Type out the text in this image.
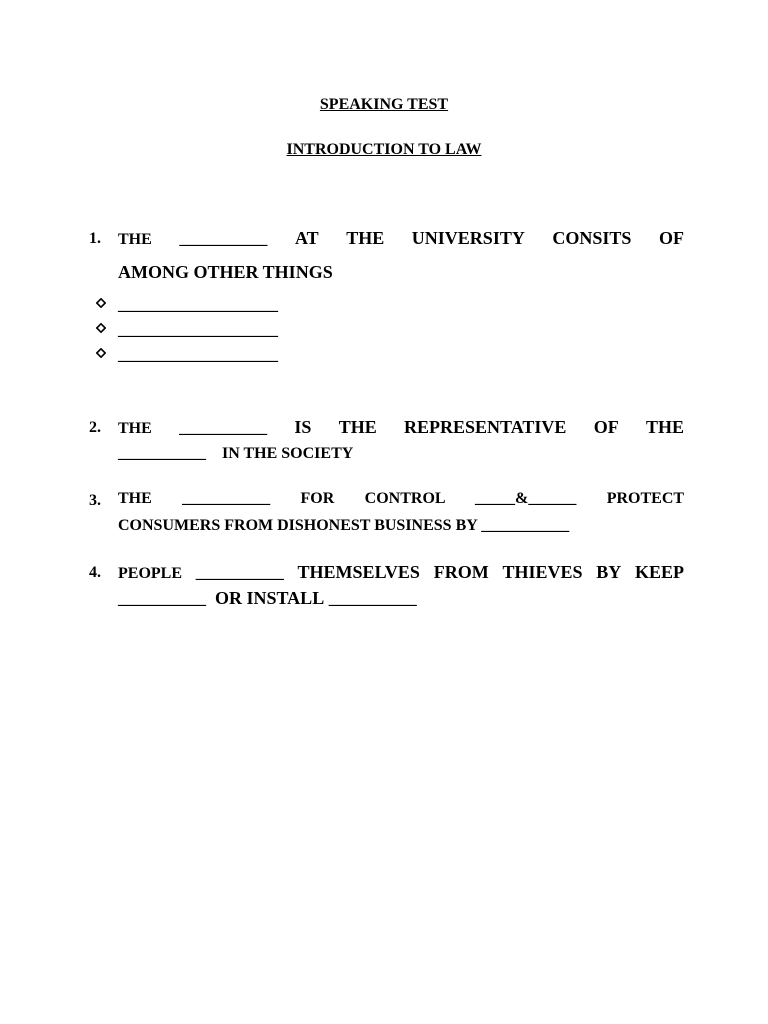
SPEAKING TEST
INTRODUCTION TO LAW
1. THE ___________ AT THE UNIVERSITY CONSITS OF
AMONG OTHER THINGS
____________________
____________________
____________________
2. THE ___________ IS THE REPRESENTATIVE OF THE
___________ IN THE SOCIETY
3. THE ___________ FOR CONTROL _____&______ PROTECT
CONSUMERS FROM DISHONEST BUSINESS BY ___________
4. PEOPLE ___________ THEMSELVES FROM THIEVES BY KEEP
___________ OR INSTALL ___________
